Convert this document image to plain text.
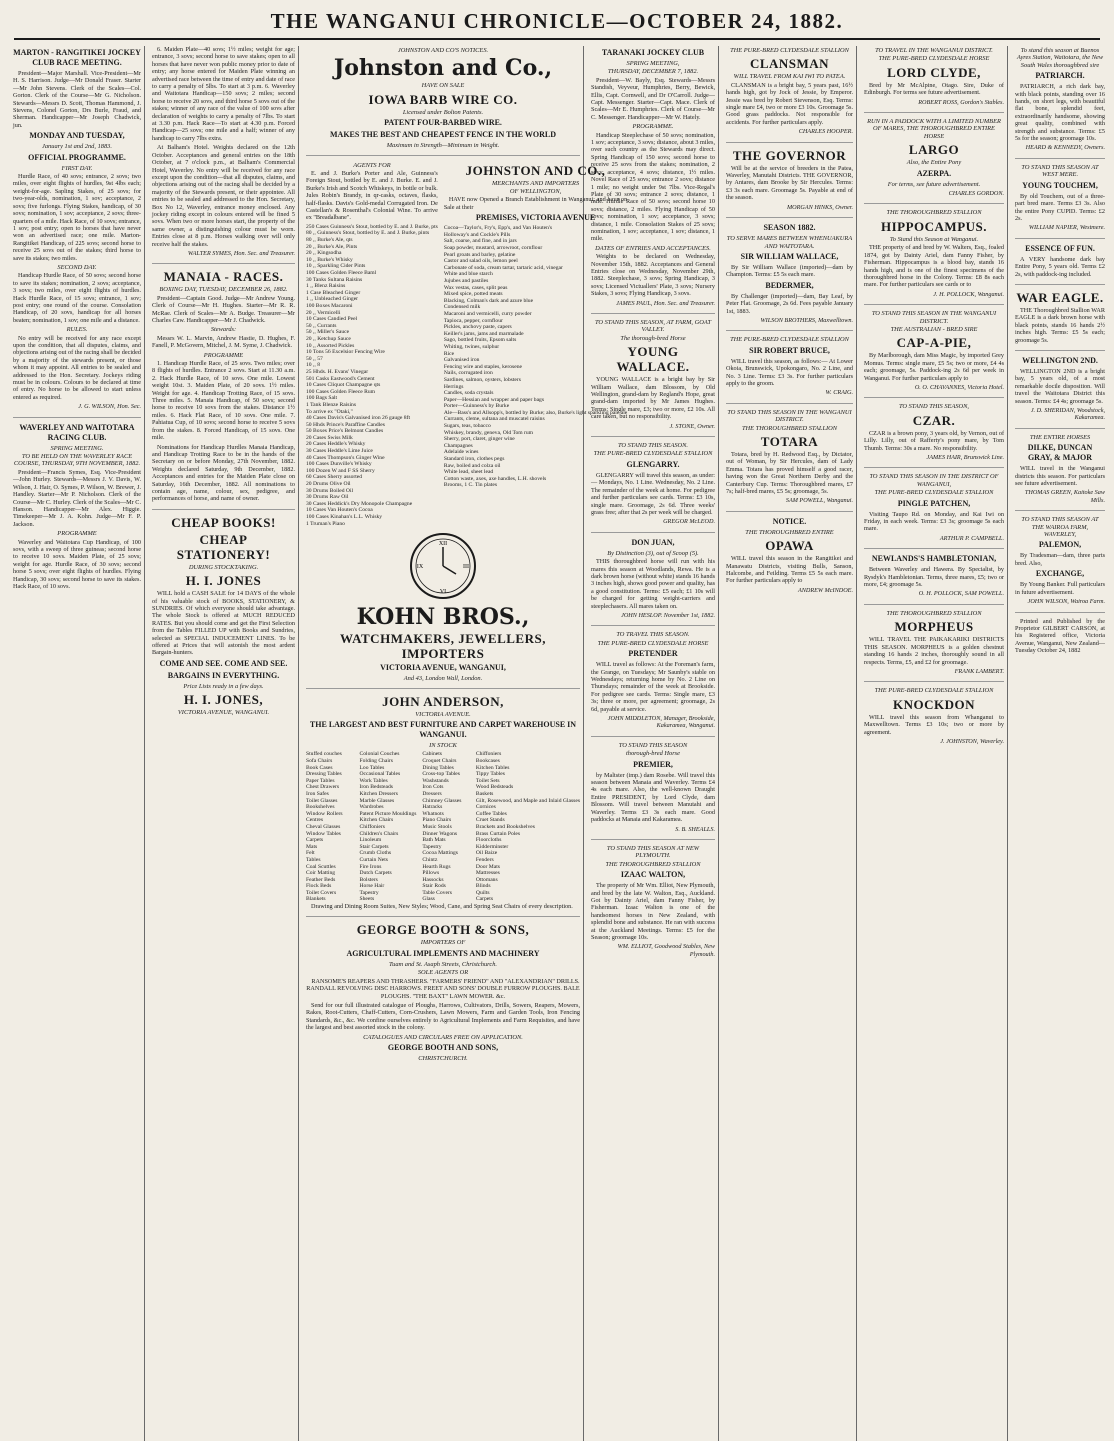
THE WANGANUI CHRONICLE—OCTOBER 24, 1882.
MARTON - RANGITIKEI JOCKEY CLUB RACE MEETING.

President—Major Marshall. Vice-President—Mr H. S. Harrison. Judge—Mr Donald Fraser. Starter—Mr John Stevens. Clerk of the Scales—Col. Gorton. Clerk of the Course—Mr G. Nicholson. Stewards—Messrs D. Scott, Thomas Hammond, J. Stevens, Colonel Gorton, Drs Burle, Fraud, and Sherman. Handicapper—Mr Joseph Chadwick, jun.

MONDAY AND TUESDAY,
January 1st and 2nd, 1883.
OFFICIAL PROGRAMME.
FIRST DAY.

Hurdle Race, of 40 sovs; entrance, 2 sovs; two miles, over eight flights of hurdles, 9st 4lbs each; weight-for-age. Sapling Stakes, of 25 sovs; for two-year-olds, nomination, 1 sov; acceptance, 2 sovs; five furlongs. Flying Stakes, handicap, of 30 sovs; nomination, 1 sov; acceptance, 2 sovs; three-quarters of a mile. Hack Race, of 10 sovs; entrance, 1 sov; post entry; open to horses that have never won an advertised race; one mile. Marton-Rangitikei Handicap, of 225 sovs; second horse to receive 25 sovs out of the stakes; third horse to save its stakes; two miles.

SECOND DAY.

Handicap Hurdle Race, of 50 sovs; second horse to save its stakes; nomination, 2 sovs; acceptance, 3 sovs; two miles, over eight flights of hurdles. Hack Hurdle Race, of 15 sovs; entrance, 1 sov; post entry; one round of the course. Consolation Handicap, of 20 sovs, handicap for all horses beaten; nomination, 1 sov; one mile and a distance.

RULES.

No entry will be received for any race except upon the condition, that all disputes, claims, and objections arising out of the racing shall be decided by a majority of the stewards present, or those whom it may appoint. All entries to be sealed and addressed to the Hon. Secretary. Jockeys riding must be in colours. Colours to be declared at time of entry. No horse to be allowed to start unless entered as required.

J. G. WILSON, Hon. Sec.
WAVERLEY AND WAITOTARA RACING CLUB.
SPRING MEETING.
TO BE HELD ON THE WAVERLEY RACE COURSE, THURSDAY, 9TH NOVEMBER, 1882.

President—Francis Symes, Esq. Vice-President—John Hurley. Stewards—Messrs J. V. Davis, W. Wilson, J. Hair, O. Symes, P. Wilson, W. Brewer, J. Handley. Starter—Mr P. Nicholson. Clerk of the Course—Mr C. Hurley. Clerk of the Scales—Mr C. Hanson. Handicapper—Mr Alex. Higgie. Timekeeper—Mr J. A. Kohn. Judge—Mr F. P. Jackson.

PROGRAMME

Waverley and Waitotara Cup Handicap, of 100 sovs, with a sweep of three guineas; second horse to receive 10 sovs. Maiden Plate, of 25 sovs; weight for age. Hurdle Race, of 30 sovs; second horse 5 sovs; over eight flights of hurdles. Flying Handicap, 30 sovs; second horse to save its stakes. Hack Race, of 10 sovs.

6. Maiden Plate—40 sovs; 1½ miles; weight for age; entrance, 3 sovs; second horse to save stakes; open to all horses that have never won public money prior to date of entry; any horse entered for Maiden Plate winning an advertised race between the time of entry and date of race to carry a penalty of 5lbs. To start at 3 p.m. 6. Waverley and Waitotara Handicap—150 sovs; 2 miles; second horse to receive 20 sovs, and third horse 5 sovs out of the stakes; winner of any race of the value of 100 sovs after declaration of weights to carry a penalty of 7lbs. To start at 3.30 p.m. Hack Race—To start at 4.30 p.m. Forced Handicap—25 sovs; one mile and a half; winner of any handicap to carry 7lbs extra.

At Balham's Hotel. Weights declared on the 12th October. Acceptances and general entries on the 18th October, at 7 o'clock p.m., at Balham's Commercial Hotel, Waverley. No entry will be received for any race except upon the condition—that all disputes, claims, and objections arising out of the racing shall be decided by a majority of the Stewards present, or their appointee. All entries to be sealed and addressed to the Hon. Secretary, Box No 12, Waverley, entrance money enclosed. Any jockey riding except in colours entered will be fined 5 sovs. When two or more horses start, the property of the same owner, a distinguishing colour must be worn. Entries close at 8 p.m. Horses walking over will only receive half the stakes.

WALTER SYMES, Hon. Sec. and Treasurer.
MANAIA - RACES.
BOXING DAY, TUESDAY, DECEMBER 26, 1882.

President—Captain Good. Judge—Mr Andrew Young. Clerk of Course—Mr H. Hughes. Starter—Mr R. R. McRae. Clerk of Scales—Mr A. Budge. Treasurer—Mr Charles Caw. Handicapper—Mr J. Chadwick.

Stewards:

Messrs W. L. Marvin, Andrew Hastie, D. Hughes, F. Fanell, P. McGovern, Mitchel, J. M. Syme, J. Chadwick.

PROGRAMME

1. Handicap Hurdle Race, of 25 sovs. Two miles; over 8 flights of hurdles. Entrance 2 sovs. Start at 11.30 a.m. 2. Hack Hurdle Race, of 10 sovs. One mile. Lowest weight 10st. 3. Maiden Plate, of 20 sovs. 1½ miles. Weight for age. 4. Handicap Trotting Race, of 15 sovs. Three miles. 5. Manaia Handicap, of 50 sovs; second horse to receive 10 sovs from the stakes. Distance 1½ miles. 6. Hack Flat Race, of 10 sovs. One mile. 7. Pahiatua Cup, of 10 sovs; second horse to receive 5 sovs from the stakes. 8. Forced Handicap, of 15 sovs. One mile.

Nominations for Handicap Hurdles Manaia Handicap, and Handicap Trotting Race to be in the hands of the Secretary on or before Monday, 27th November, 1882. Weights declared Saturday, 9th December, 1882. Acceptances and entries for the Maiden Plate close on Saturday, 16th December, 1882. All nominations to contain age, name, colour, sex, pedigree, and performances of horse, and name of owner.

CHEAP BOOKS!
CHEAP STATIONERY!
DURING STOCKTAKING.
H. I. JONES

WILL hold a CASH SALE for 14 DAYS of the whole of his valuable stock of BOOKS, STATIONERY, & SUNDRIES. Of which everyone should take advantage. The whole Stock is offered at MUCH REDUCED RATES. But you should come and get the First Selection from the Tables FILLED UP with Books and Sundries, selected as SPECIAL INDUCEMENT LINES. To be offered at Prices that will astonish the most ardent Bargain-hunters.

COME AND SEE. COME AND SEE.
BARGAINS IN EVERYTHING.
Price Lists ready in a few days.
H. I. JONES,
VICTORIA AVENUE, WANGANUI.
JOHNSTON AND CO'S NOTICES.
Johnston and Co.,
HAVE ON SALE
IOWA BARB WIRE CO.
Licensed under Bolton Patents.
PATENT FOUR-BARBED WIRE.
MAKES THE BEST AND CHEAPEST FENCE IN THE WORLD
Maximum in Strength—Minimum in Weight.
AGENTS FOR

E. and J. Burke's Porter and Ale, Guinness's Foreign Stout, bottled by E. and J. Burke. E. and J. Burke's Irish and Scotch Whiskeys, in bottle or bulk. Jules Robin's Brandy, in qr-casks, octaves, flasks, half-flasks. Davis's Gold-medal Corrugated Iron. De Castellan's & Rosenthal's Colonial Wine. To arrive ex "Breadalbane".

250 Cases Guinness's Stout, bottled by E. and J. Burke, pts
80 ,, Guinness's Stout, bottled by E. and J. Burke, pints
80 ,, Burke's Ale, qts
20 ,, Burke's Ale, Pints
20 ,, Kingsodha
10 ,, Burke's Whisky
10 ,, Sparkling Cider Pints
100 Cases Golden Fleece Baml
30 Tanks Sultana Raisins
1 ,, Blenz Raisins
1 Case Bleached Ginger
1 ,, Unbleached Ginger
100 Boxes Macaroni
20 ,, Vermicelli
10 Cases Candied Peel
50 ,, Currants
50 ,, Miller's Sauce
20 ,, Ketchup Sauce
10 ,, Assorted Pickles
10 Tons 56 Excelsior Fencing Wire
50 ,, 57
10 ,, 8
25 Hhds. H. Evans' Vinegar
501 Casks Eastwood's Cement
10 Cases Cliquot Champagne qts
100 Cases Golden Fleece Rum
100 Bags Salt
1 Tank Blenze Raisins
To arrive ex "Otaki,"
40 Cases Davis's Galvanised iron 26 gauge 8ft
50 Hhds Prince's Paraffine Candles
50 Boxes Price's Belmont Candles
20 Cases Swiss Milk
20 Cases Heddle's Whisky
30 Cases Heddle's Lime Juice
40 Cases Thompson's Ginger Wine
100 Cases Dunville's Whisky
100 Dozen W and F SS Sherry
60 Cases Sherry assorted
20 Drums Olive Oil
30 Drums Boiled Oil
30 Drums Raw Oil
30 Cases Heddick's Dry Monopole Champagne
10 Cases Van Houten's Cocoa
100 Cases Kinahan's L.L. Whisky
1 Truman's Piano
JOHNSTON AND CO.,
MERCHANTS AND IMPORTERS
OF WELLINGTON,

HAVE now Opened a Branch Establishment in Wanganui; and have on Sale at their

PREMISES, VICTORIA AVENUE
Cocoa—Taylor's, Fry's, Epp's, and Van Houten's
Holloway's and Cockle's Pills
Salt, coarse, and fine, and in jars
Soap powder, mustard, arrowroot, cornflour
Pearl groats and barley, gelatine
Castor and salad oils, lemon peel
Carbonate of soda, cream tartar, tartaric acid, vinegar
White and blue starch
Jujubes and pastiles
Wax vestas, cases, split peas
Mixed spice, potted meats
Blacking, Colman's dark and azure blue
Condensed milk
Macaroni and vermicelli, curry powder
Tapioca, pepper, cornflour
Pickles, anchovy paste, capers
Keiller's jams, jams and marmalade
Sago, bottled fruits, Epsom salts
Whiting, twines, sulphur
Rice
Galvanised iron
Fencing wire and staples, kerosene
Nails, corrugated iron
Sardines, salmon, oysters, lobsters
Herrings
Candles, soda crystals
Paper—Hessian and wrapper and paper bags
Porter—Guinness's by Burke
Ale—Bass's and Allsopp's, bottled by Burke; also, Burke's light sparkling pale ale
Currants, cleme, sultana and muscatel raisins
Sugars, teas, tobacco
Whiskey, brandy, geneva, Old Tom rum
Sherry, port, claret, ginger wine
Champagnes
Adelaide wines
Standard iron, clothes pegs
Raw, boiled and colza oil
White lead, sheet lead
Cotton waste, axes, axe handles, L.H. shovels
Brooms, 1 C. Tin plates
XII
III
VI
IX
KOHN BROS.,
WATCHMAKERS, JEWELLERS, IMPORTERS
VICTORIA AVENUE, WANGANUI,
And 43, London Wall, London.
JOHN ANDERSON,
VICTORIA AVENUE.
THE LARGEST AND BEST FURNITURE AND CARPET WAREHOUSE IN WANGANUI.
IN STOCK
Stuffed couches	Colonial Couches	Cabinets	Chiffoniers
Sofa Chairs	Folding Chairs	Croquet Chairs	Bookcases
Book Cases	Loo Tables	Dining Tables	Kitchen Tables
Dressing Tables	Occasional Tables	Cross-top Tables	Tippy Tables
Paper Tables	Work Tables	Washstands	Toilet Sets
Chest Drawers	Iron Bedsteads	Iron Cots	Wood Bedsteads
Iron Safes	Kitchen Dressers	Dressers	Baskets
Toilet Glasses	Marble Glasses	Chimney Glasses	Gilt, Rosewood, and Maple and Inlaid Glasses
Bookshelves	Wardrobes	Hatracks	Cornices
Window Rollers	Patent Picture Mouldings Whatnots	Coffee Tables
Centres	Kitchen Chairs	Piano Chairs	Cruet Stands
Cheval Glasses	Chiffoniers	Music Stools	Brackets and Bookshelves
Window Tables	Children's Chairs	Dinner Wagons	Brass Curtain Poles
Carpets	Linoleum	Bath Mats	Floorcloths
Mats	Stair Carpets	Tapestry	Kidderminster
Felt	Crumb Cloths	Cocoa Mattings	Oil Baize
Tables	Curtain Nets	Chintz	Fenders
Coal Scuttles	Fire Irons	Hearth Rugs	Door Mats
Coir Matting	Dutch Carpets	Pillows	Mattresses
Feather Beds	Bolsters	Hassocks	Ottomans
Flock Beds	Horse Hair	Stair Rods	Blinds
Toilet Covers	Tapestry	Table Covers	Quilts
Blankets	Sheets	Glass	Carpets

Drawing and Dining Room Suites, New Styles; Wood, Cane, and Spring Seat Chairs of every description.

GEORGE BOOTH & SONS,
IMPORTERS OF
AGRICULTURAL IMPLEMENTS AND MACHINERY
Tuam and St. Asaph Streets, Christchurch.
SOLE AGENTS OR

RANSOME'S REAPERS AND THRASHERS. "FARMERS' FRIEND" AND "ALEXANDRIAN" DRILLS. RANDALL REVOLVING DISC HARROWS. FREET AND SONS' DOUBLE FURROW PLOUGHS. BALE PLOUGHS. "THE BAXT" LAWN MOWER. &c.

Send for our full illustrated catalogue of Ploughs, Harrows, Cultivators, Drills, Sowers, Reapers, Mowers, Rakes, Root-Cutters, Chaff-Cutters, Corn-Crushers, Lawn Mowers, Farm and Garden Tools, Iron Fencing Standards, &c., &c. We confine ourselves entirely to Agricultural Implements and Farm Requisites, and have the largest and best assorted stock in the colony.

CATALOGUES AND CIRCULARS FREE ON APPLICATION.
GEORGE BOOTH AND SONS,
CHRISTCHURCH.
TARANAKI JOCKEY CLUB
SPRING MEETING,
THURSDAY, DECEMBER 7, 1882.

President—W. Bayly, Esq. Stewards—Messrs Standish, Veyveur, Humphries, Berry, Bewick, Ellis, Capt. Cornwell, and Dr O'Carroll. Judge—Capt. Messenger. Starter—Capt. Mace. Clerk of Scales—Mr E. Humphries. Clerk of Course—Mr C. Messenger. Handicapper—Mr W. Hately.

PROGRAMME.

Handicap Steeplechase of 50 sovs; nomination, 1 sov; acceptance, 3 sovs; distance, about 3 miles, over such country as the Stewards may direct. Spring Handicap of 150 sovs; second horse to receive 25 sovs from the stakes; nomination, 2 sovs; acceptance, 4 sovs; distance, 1½ miles. Novel Race of 25 sovs; entrance 2 sovs; distance 1 mile; no weight under 9st 7lbs. Vice-Regal's Plate of 30 sovs; entrance 2 sovs; distance, 1 mile. Hurdle Race of 50 sovs; second horse 10 sovs; distance, 2 miles. Flying Handicap of 50 sovs; nomination, 1 sov; acceptance, 3 sovs; distance, 1 mile. Consolation Stakes of 25 sovs; nomination, 1 sov; acceptance, 1 sov; distance, 1 mile.

DATES OF ENTRIES AND ACCEPTANCES.

Weights to be declared on Wednesday, November 15th, 1882. Acceptances and General Entries close on Wednesday, November 29th, 1882. Steeplechase, 3 sovs; Spring Handicap, 3 sovs; Licensed Victuallers' Plate, 3 sovs; Nursery Stakes, 3 sovs; Flying Handicap, 3 sovs.

JAMES PAUL, Hon. Sec. and Treasurer.
TO STAND THIS SEASON, AT FARM, GOAT VALLEY.
The thorough-bred Horse
YOUNG WALLACE.

YOUNG WALLACE is a bright bay by Sir William Wallace, dam Blossom, by Old Wellington, grand-dam by Regland's Hope, great grand-dam imported by Mr James Hughes. Terms: Single mare, £3; two or more, £2 10s. All care taken, but no responsibility.

J. STONE, Owner.
TO STAND THIS SEASON.
THE PURE-BRED CLYDESDALE STALLION
GLENGARRY.

GLENGARRY will travel this season, as under:— Mondays, No. 1 Line. Wednesday, No. 2 Line. The remainder of the week at home. For pedigree and further particulars see cards. Terms: £3 10s, single mare. Groomage, 2s 6d. Three weeks' grass free; after that 2s per week will be charged.

GREGOR McLEOD.
DON JUAN,
By Distinction (3), out of Scoop (5).

THIS thoroughbred horse will run with his mares this season at Woodlands, Rewa. He is a dark brown horse (without white) stands 16 hands 3 inches high, shows good power and quality, has a good constitution. Terms: £5 each; £1 10s will be charged for getting weight-carriers and steeplechasers. All mares taken on.

JOHN HESLOP. November 1st, 1882.
TO TRAVEL THIS SEASON.
THE PURE-BRED CLYDESDALE HORSE
PRETENDER

WILL travel as follows: At the Foreman's farm, the Grange, on Tuesdays; Mr Saunby's stable on Wednesdays; returning home by No. 2 Line on Thursdays; remainder of the week at Brookside. For pedigree see cards. Terms: Single mare, £3 3s; three or more, per agreement; groomage, 2s 6d, payable at service.

JOHN MIDDLETON, Manager, Brookside, Kakaramea, Wanganui.
TO STAND THIS SEASON
thorough-bred Horse
PREMIER,

by Maltster (imp.) dam Rosebe. Will travel this season between Manaia and Waverley. Terms £4 4s each mare. Also, the well-known Draught Entire PRESIDENT, by Lord Clyde, dam Blossom. Will travel between Manutahi and Waverley. Terms £3 3s each mare. Good paddocks at Manaia and Kakaramea.

S. B. SHEALLS.
TO STAND THIS SEASON AT NEW PLYMOUTH.
THE THOROUGHBRED STALLION
IZAAC WALTON,

The property of Mr Wm. Elliot, New Plymouth, and bred by the late W. Walton, Esq., Auckland. Got by Dainty Ariel, dam Fanny Fisher, by Fisherman. Izaac Walton is one of the handsomest horses in New Zealand, with splendid bone and substance. He ran with success at the Auckland Meetings. Terms: £5 for the Season; groomage 10s.

WM. ELLIOT, Goodwood Stables, New Plymouth.
THE PURE-BRED CLYDESDALE STALLION
CLANSMAN
WILL TRAVEL FROM KAI IWI TO PATEA.

CLANSMAN is a bright bay, 5 years past, 16½ hands high, got by Jock of Jessie, by Emperor. Jessie was bred by Robert Stevenson, Esq. Terms: single mare £4, two or more £3 10s. Groomage 5s. Good grass paddocks. Not responsible for accidents. For further particulars apply.

CHARLES HOOPER.
THE GOVERNOR

Will be at the service of breeders in the Patea, Waverley, Manutahi Districts. THE GOVERNOR, by Antares, dam Brooke by Sir Hercules. Terms: £3 3s each mare. Groomage 5s. Payable at end of the season.

MORGAN HINKS, Owner.
SEASON 1882.
TO SERVE MARES BETWEEN WHENUAKURA AND WAITOTARA.
SIR WILLIAM WALLACE,

By Sir William Wallace (imported)—dam by Champion. Terms: £5 5s each mare.

BEDERMER,

By Challenger (imported)—dam, Bay Leaf, by Peter Flat. Groomage, 2s 6d. Fees payable January 1st, 1883.

WILSON BROTHERS, Maxwelltown.
THE PURE-BRED CLYDESDALE STALLION
SIR ROBERT BRUCE,

WILL travel this season, as follows:— At Lower Okoia, Brunswick, Upokongaro, No. 2 Line, and No. 3 Line. Terms: £3 3s. For further particulars apply to the groom.

W. CRAIG.
TO STAND THIS SEASON IN THE WANGANUI DISTRICT.
THE THOROUGHBRED STALLION
TOTARA

Totara, bred by H. Redwood Esq., by Dictator, out of Woman, by Sir Hercules, dam of Lady Emma. Totara has proved himself a good racer, having won the Great Northern Derby and the Canterbury Cup. Terms: Thoroughbred mares, £7 7s; half-bred mares, £5 5s; groomage, 5s.

SAM POWELL, Wanganui.
NOTICE.
THE THOROUGHBRED ENTIRE
OPAWA

WILL travel this season in the Rangitikei and Manawatu Districts, visiting Bulls, Sanson, Halcombe, and Feilding. Terms £5 5s each mare. For further particulars apply to

ANDREW McINDOE.
TO TRAVEL IN THE WANGANUI DISTRICT.
THE PURE-BRED CLYDESDALE HORSE
LORD CLYDE,

Bred by Mr McAlpine, Otago. Sire, Duke of Edinburgh. For terms see future advertisement.

ROBERT ROSS, Gordon's Stables.
RUN IN A PADDOCK WITH A LIMITED NUMBER OF MARES, THE THOROUGHBRED ENTIRE HORSE
LARGO
Also, the Entire Pony
AZERPA.
For terms, see future advertisement.
CHARLES GORDON.
THE THOROUGHBRED STALLION
HIPPOCAMPUS.
To Stand this Season at Wanganui.

THE property of and bred by W. Walters, Esq., foaled 1874, got by Dainty Ariel, dam Fanny Fisher, by Fisherman. Hippocampus is a blood bay, stands 16 hands high, and is one of the finest specimens of the thoroughbred horse in the Colony. Terms: £8 8s each mare. For further particulars see cards or to

J. H. POLLOCK, Wanganui.
TO STAND THIS SEASON IN THE WANGANUI DISTRICT.
THE AUSTRALIAN - BRED SIRE
CAP-A-PIE,

By Marlborough, dam Miss Magic, by imported Grey Momus. Terms: single mare, £5 5s; two or more, £4 4s each; groomage, 5s. Paddock-ing 2s 6d per week in Wanganui. For further particulars apply to

O. O. CHAVANNES, Victoria Hotel.
TO STAND THIS SEASON,
CZAR.

CZAR is a brown pony, 3 years old, by Vernon, out of Lilly. Lilly, out of Rafferty's pony mare, by Tom Thumb. Terms: 30s a mare. No responsibility.

JAMES HAIR, Brunswick Line.
TO STAND THIS SEASON IN THE DISTRICT OF WANGANUI,
THE PURE-BRED CLYDESDALE STALLION
PINGLE PATCHEN,

Visiting Taupo Rd. on Monday, and Kai Iwi on Friday, in each week. Terms: £3 3s; groomage 5s each mare.

ARTHUR P. CAMPBELL.
NEWLANDS'S HAMBLETONIAN,

Between Waverley and Hawera. By Specialist, by Rysdyk's Hambletonian. Terms, three mares, £5; two or more, £4; groomage 5s.

O. H. POLLOCK, SAM POWELL.
THE THOROUGHBRED STALLION
MORPHEUS

WILL TRAVEL THE PAIKAKARIKI DISTRICTS THIS SEASON. MORPHEUS is a golden chestnut standing 16 hands 2 inches, thoroughly sound in all respects. Terms, £5, and £2 for groomage.

FRANK LAMBERT.
THE PURE-BRED CLYDESDALE STALLION
KNOCKDON

WILL travel this season from Whanganui to Maxwelltown. Terms £3 10s; two or more by agreement.

J. JOHNSTON, Waverley.
To stand this season at Buenos Ayres Station, Waitotara, the New South Wales thoroughbred sire
PATRIARCH.

PATRIARCH, a rich dark bay, with black points, standing over 16 hands, on short legs, with beautiful flat bone, splendid feet, extraordinarily handsome, showing great quality, combined with strength and substance. Terms: £5 5s for the season; groomage 10s.

HEARD & KENNEDY, Owners.
TO STAND THIS SEASON AT WEST MERE.
YOUNG TOUCHEM,

By old Touchem, out of a three-part bred mare. Terms £3 3s. Also the entire Pony CUPID. Terms: £2 2s.

WILLIAM NAPIER, Westmere.
ESSENCE OF FUN.

A VERY handsome dark bay Entire Pony, 5 years old. Terms £2 2s, with paddock-ing included.

WAR EAGLE.

THE Thoroughbred Stallion WAR EAGLE is a dark brown horse with black points, stands 16 hands 2½ inches high. Terms: £5 5s each; groomage 5s.

WELLINGTON 2ND.

WELLINGTON 2ND is a bright bay, 5 years old, of a most remarkable docile disposition. Will travel the Waitotara District this season. Terms: £4 4s; groomage 5s.

J. D. SHERIDAN, Woodstock, Kakaramea.
THE ENTIRE HORSES
DILKE, DUNCAN GRAY, & MAJOR

WILL travel in the Wanganui districts this season. For particulars see future advertisement.

THOMAS GREEN, Kaitoke Saw Mills.
TO STAND THIS SEASON AT THE WAIROA FARM, WAVERLEY,
PALEMON,

By Tradesman—dam, three parts bred. Also,

EXCHANGE,

By Young Banker. Full particulars in future advertisement.

JOHN WILSON, Wairoa Farm.

Printed and Published by the Proprietor GILBERT CARSON, at his Registered office, Victoria Avenue, Wanganui, New Zealand—Tuesday October 24, 1882
